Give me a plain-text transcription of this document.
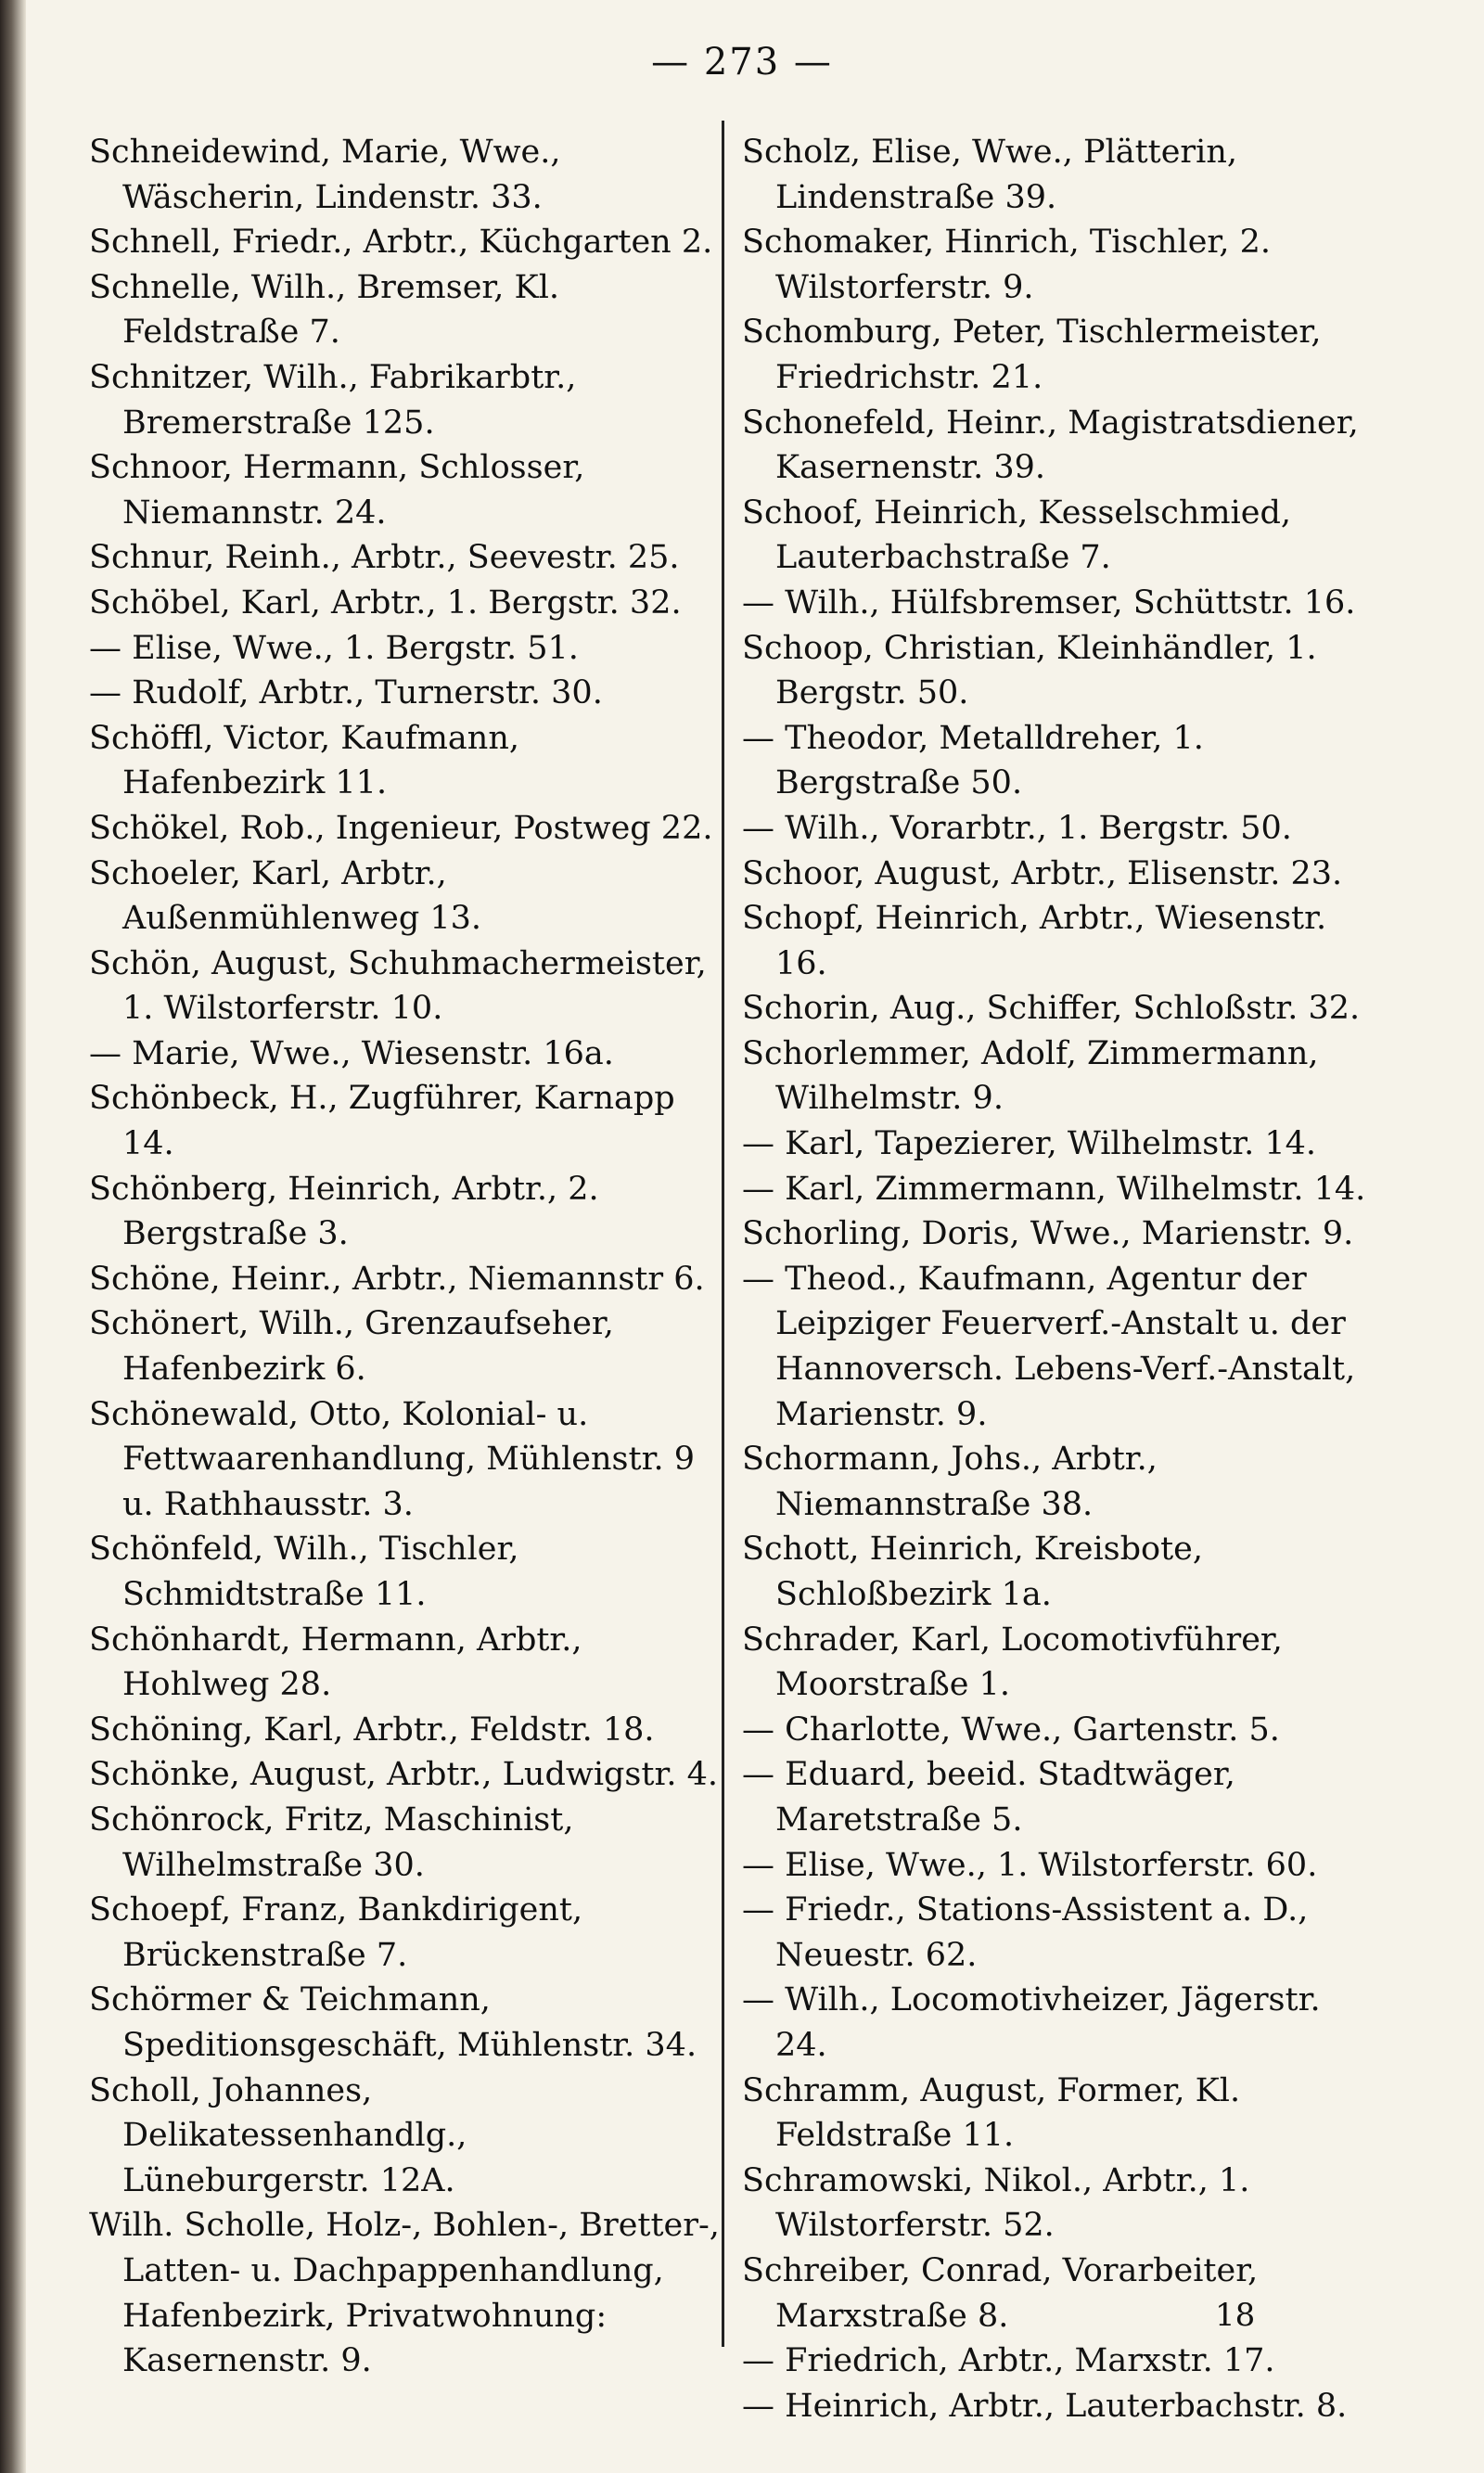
— 273 —

Schneidewind, Marie, Wwe., Wäscherin, Lindenstr. 33.

Schnell, Friedr., Arbtr., Küchgarten 2.

Schnelle, Wilh., Bremser, Kl. Feldstraße 7.

Schnitzer, Wilh., Fabrikarbtr., Bremerstraße 125.

Schnoor, Hermann, Schlosser, Niemannstr. 24.

Schnur, Reinh., Arbtr., Seevestr. 25.

Schöbel, Karl, Arbtr., 1. Bergstr. 32.

— Elise, Wwe., 1. Bergstr. 51.

— Rudolf, Arbtr., Turnerstr. 30.

Schöffl, Victor, Kaufmann, Hafenbezirk 11.

Schökel, Rob., Ingenieur, Postweg 22.

Schoeler, Karl, Arbtr., Außenmühlenweg 13.

Schön, August, Schuhmachermeister, 1. Wilstorferstr. 10.

— Marie, Wwe., Wiesenstr. 16a.

Schönbeck, H., Zugführer, Karnapp 14.

Schönberg, Heinrich, Arbtr., 2. Bergstraße 3.

Schöne, Heinr., Arbtr., Niemannstr 6.

Schönert, Wilh., Grenzaufseher, Hafenbezirk 6.

Schönewald, Otto, Kolonial- u. Fettwaarenhandlung, Mühlenstr. 9 u. Rathhausstr. 3.

Schönfeld, Wilh., Tischler, Schmidtstraße 11.

Schönhardt, Hermann, Arbtr., Hohlweg 28.

Schöning, Karl, Arbtr., Feldstr. 18.

Schönke, August, Arbtr., Ludwigstr. 4.

Schönrock, Fritz, Maschinist, Wilhelmstraße 30.

Schoepf, Franz, Bankdirigent, Brückenstraße 7.

Schörmer & Teichmann, Speditionsgeschäft, Mühlenstr. 34.

Scholl, Johannes, Delikatessenhandlg., Lüneburgerstr. 12A.

Wilh. Scholle, Holz-, Bohlen-, Bretter-, Latten- u. Dachpappenhandlung, Hafenbezirk, Privatwohnung: Kasernenstr. 9.

Scholz, Elise, Wwe., Plätterin, Lindenstraße 39.

Schomaker, Hinrich, Tischler, 2. Wilstorferstr. 9.

Schomburg, Peter, Tischlermeister, Friedrichstr. 21.

Schonefeld, Heinr., Magistratsdiener, Kasernenstr. 39.

Schoof, Heinrich, Kesselschmied, Lauterbachstraße 7.

— Wilh., Hülfsbremser, Schüttstr. 16.

Schoop, Christian, Kleinhändler, 1. Bergstr. 50.

— Theodor, Metalldreher, 1. Bergstraße 50.

— Wilh., Vorarbtr., 1. Bergstr. 50.

Schoor, August, Arbtr., Elisenstr. 23.

Schopf, Heinrich, Arbtr., Wiesenstr. 16.

Schorin, Aug., Schiffer, Schloßstr. 32.

Schorlemmer, Adolf, Zimmermann, Wilhelmstr. 9.

— Karl, Tapezierer, Wilhelmstr. 14.

— Karl, Zimmermann, Wilhelmstr. 14.

Schorling, Doris, Wwe., Marienstr. 9.

— Theod., Kaufmann, Agentur der Leipziger Feuerverf.-Anstalt u. der Hannoversch. Lebens-Verf.-Anstalt, Marienstr. 9.

Schormann, Johs., Arbtr., Niemannstraße 38.

Schott, Heinrich, Kreisbote, Schloßbezirk 1a.

Schrader, Karl, Locomotivführer, Moorstraße 1.

— Charlotte, Wwe., Gartenstr. 5.

— Eduard, beeid. Stadtwäger, Maretstraße 5.

— Elise, Wwe., 1. Wilstorferstr. 60.

— Friedr., Stations-Assistent a. D., Neuestr. 62.

— Wilh., Locomotivheizer, Jägerstr. 24.

Schramm, August, Former, Kl. Feldstraße 11.

Schramowski, Nikol., Arbtr., 1. Wilstorferstr. 52.

Schreiber, Conrad, Vorarbeiter, Marxstraße 8.

— Friedrich, Arbtr., Marxstr. 17.

— Heinrich, Arbtr., Lauterbachstr. 8.

18
